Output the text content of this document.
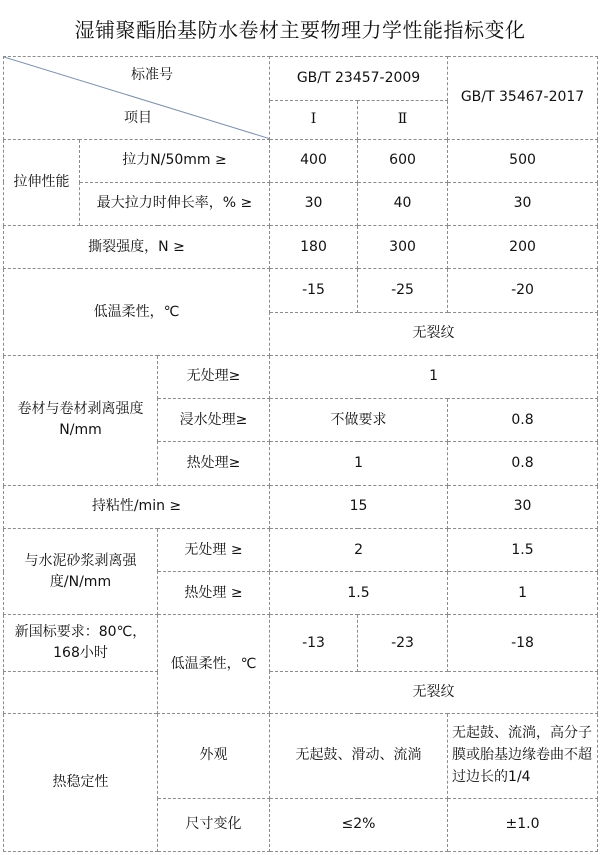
湿铺聚酯胎基防水卷材主要物理力学性能指标变化
标准号
项目			GB/T 23457-2009		GB/T 35467-2017
			Ⅰ	Ⅱ	
拉伸性能	拉力N/50mm ≥		400	600	500
	最大拉力时伸长率，% ≥		30	40	30
撕裂强度，N ≥			180	300	200
低温柔性，℃			-15	-25	-20
			无裂纹		
卷材与卷材剥离强度N/mm		无处理≥	1		
		浸水处理≥	不做要求		0.8
		热处理≥	1		0.8
持粘性/min ≥			15		30
与水泥砂浆剥离强度/N/mm		无处理 ≥	2		1.5
		热处理 ≥	1.5		1
新国标要求：80℃，168小时		低温柔性，℃	-13	-23	-18
			无裂纹		
热稳定性		外观	无起鼓、滑动、流淌		无起鼓、流淌，高分子膜或胎基边缘卷曲不超过边长的1/4
		尺寸变化	≤2%		±1.0
